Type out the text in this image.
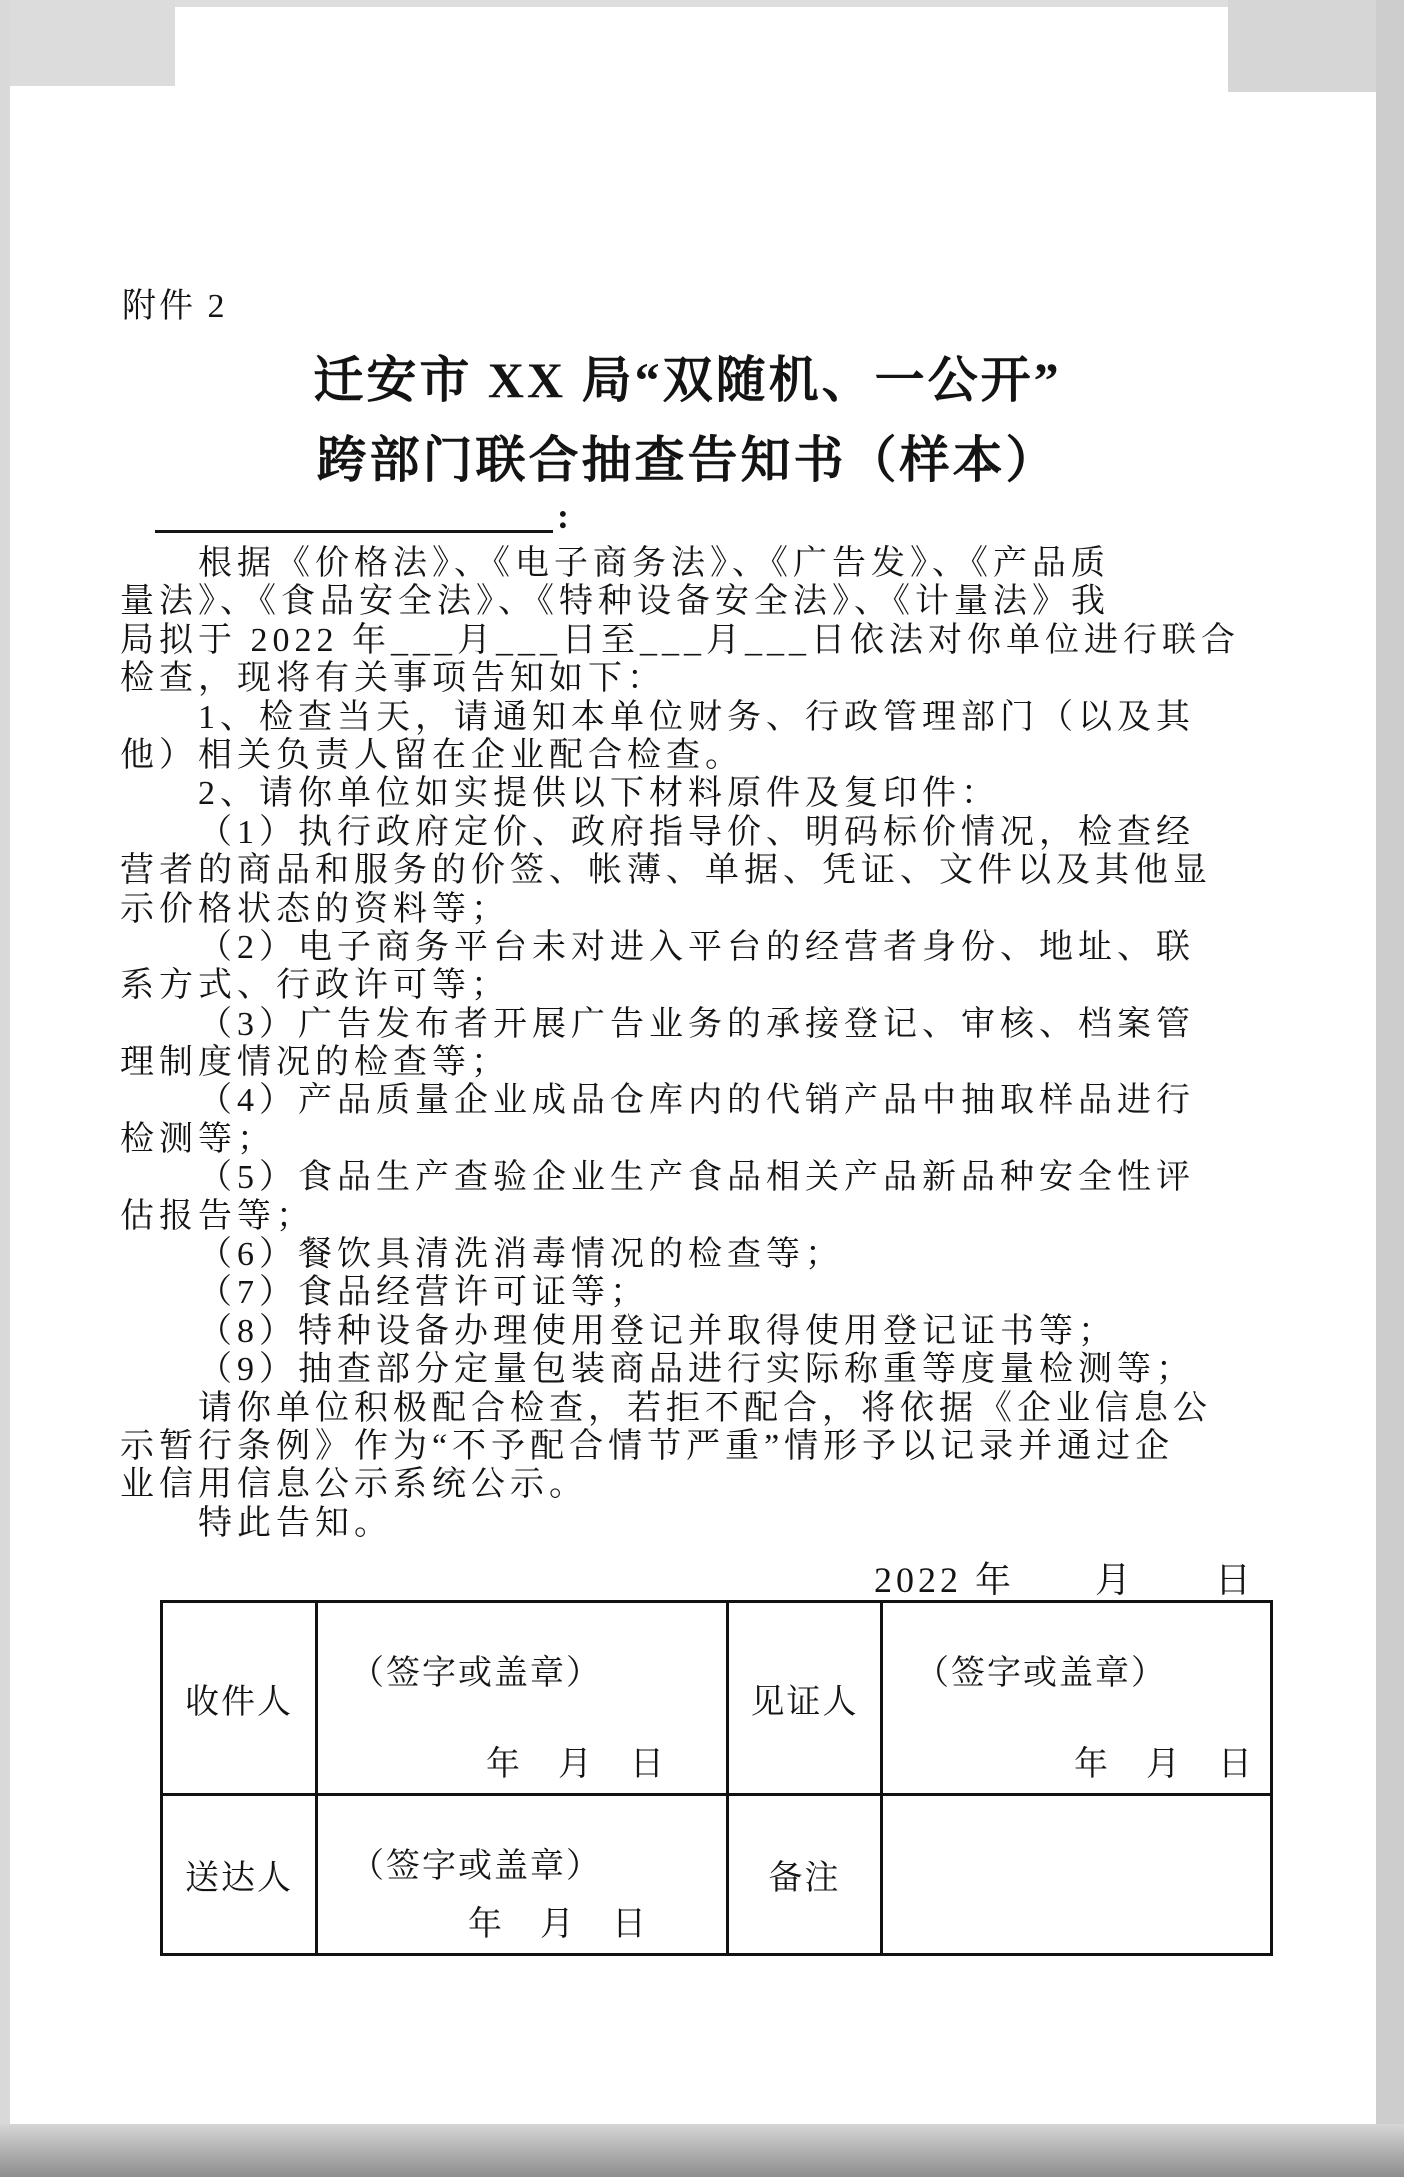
附件 2
迁安市 XX 局“双随机、一公开”
跨部门联合抽查告知书（样本）
:
根据《价格法》、《电子商务法》、《广告发》、《产品质
量法》、《食品安全法》、《特种设备安全法》、《计量法》我
局拟于 2022 年___月___日至___月___日依法对你单位进行联合
检查，现将有关事项告知如下：
1、检查当天，请通知本单位财务、行政管理部门（以及其
他）相关负责人留在企业配合检查。
2、请你单位如实提供以下材料原件及复印件：
（1）执行政府定价、政府指导价、明码标价情况，检查经
营者的商品和服务的价签、帐薄、单据、凭证、文件以及其他显
示价格状态的资料等；
（2）电子商务平台未对进入平台的经营者身份、地址、联
系方式、行政许可等；
（3）广告发布者开展广告业务的承接登记、审核、档案管
理制度情况的检查等；
（4）产品质量企业成品仓库内的代销产品中抽取样品进行
检测等；
（5）食品生产查验企业生产食品相关产品新品种安全性评
估报告等；
（6）餐饮具清洗消毒情况的检查等；
（7）食品经营许可证等；
（8）特种设备办理使用登记并取得使用登记证书等；
（9）抽查部分定量包装商品进行实际称重等度量检测等；
请你单位积极配合检查，若拒不配合，将依据《企业信息公
示暂行条例》作为“不予配合情节严重”情形予以记录并通过企
业信用信息公示系统公示。
特此告知。
2022 年　　月　　日
收件人
（签字或盖章）
年　月　日
见证人
（签字或盖章）
年　月　日
送达人	（签字或盖章）
年　月　日
备注
